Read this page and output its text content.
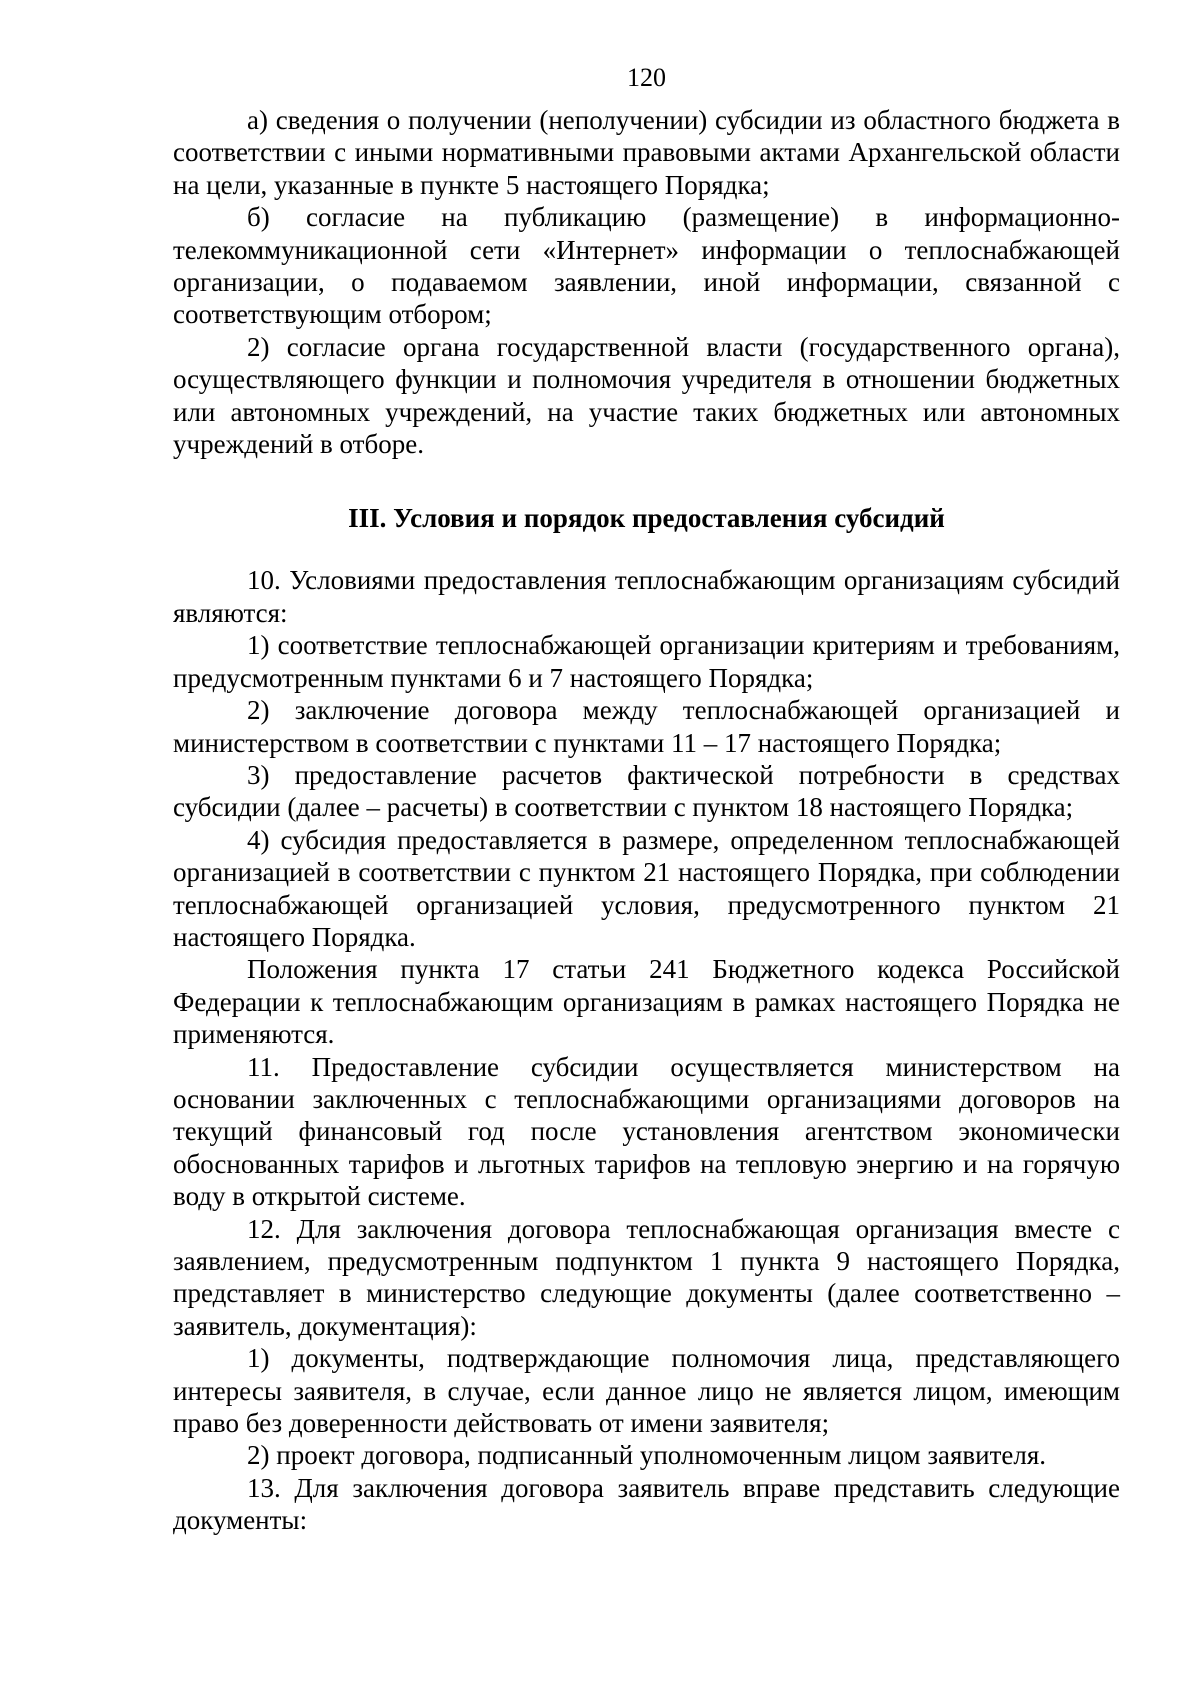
120

а) сведения о получении (неполучении) субсидии из областного бюджета в соответствии с иными нормативными правовыми актами Архангельской области на цели, указанные в пункте 5 настоящего Порядка;

б) согласие на публикацию (размещение) в информационно-телекоммуникационной сети «Интернет» информации о теплоснабжающей организации, о подаваемом заявлении, иной информации, связанной с соответствующим отбором;

2) согласие органа государственной власти (государственного органа), осуществляющего функции и полномочия учредителя в отношении бюджетных или автономных учреждений, на участие таких бюджетных или автономных учреждений в отборе.

III. Условия и порядок предоставления субсидий

10. Условиями предоставления теплоснабжающим организациям субсидий являются:

1) соответствие теплоснабжающей организации критериям и требованиям, предусмотренным пунктами 6 и 7 настоящего Порядка;

2) заключение договора между теплоснабжающей организацией и министерством в соответствии с пунктами 11 – 17 настоящего Порядка;

3) предоставление расчетов фактической потребности в средствах субсидии (далее – расчеты) в соответствии с пунктом 18 настоящего Порядка;

4) субсидия предоставляется в размере, определенном теплоснабжающей организацией в соответствии с пунктом 21 настоящего Порядка, при соблюдении теплоснабжающей организацией условия, предусмотренного пунктом 21 настоящего Порядка.

Положения пункта 17 статьи 241 Бюджетного кодекса Российской Федерации к теплоснабжающим организациям в рамках настоящего Порядка не применяются.

11. Предоставление субсидии осуществляется министерством на основании заключенных с теплоснабжающими организациями договоров на текущий финансовый год после установления агентством экономически обоснованных тарифов и льготных тарифов на тепловую энергию и на горячую воду в открытой системе.

12. Для заключения договора теплоснабжающая организация вместе с заявлением, предусмотренным подпунктом 1 пункта 9 настоящего Порядка, представляет в министерство следующие документы (далее соответственно – заявитель, документация):

1) документы, подтверждающие полномочия лица, представляющего интересы заявителя, в случае, если данное лицо не является лицом, имеющим право без доверенности действовать от имени заявителя;

2) проект договора, подписанный уполномоченным лицом заявителя.

13. Для заключения договора заявитель вправе представить следующие документы:
